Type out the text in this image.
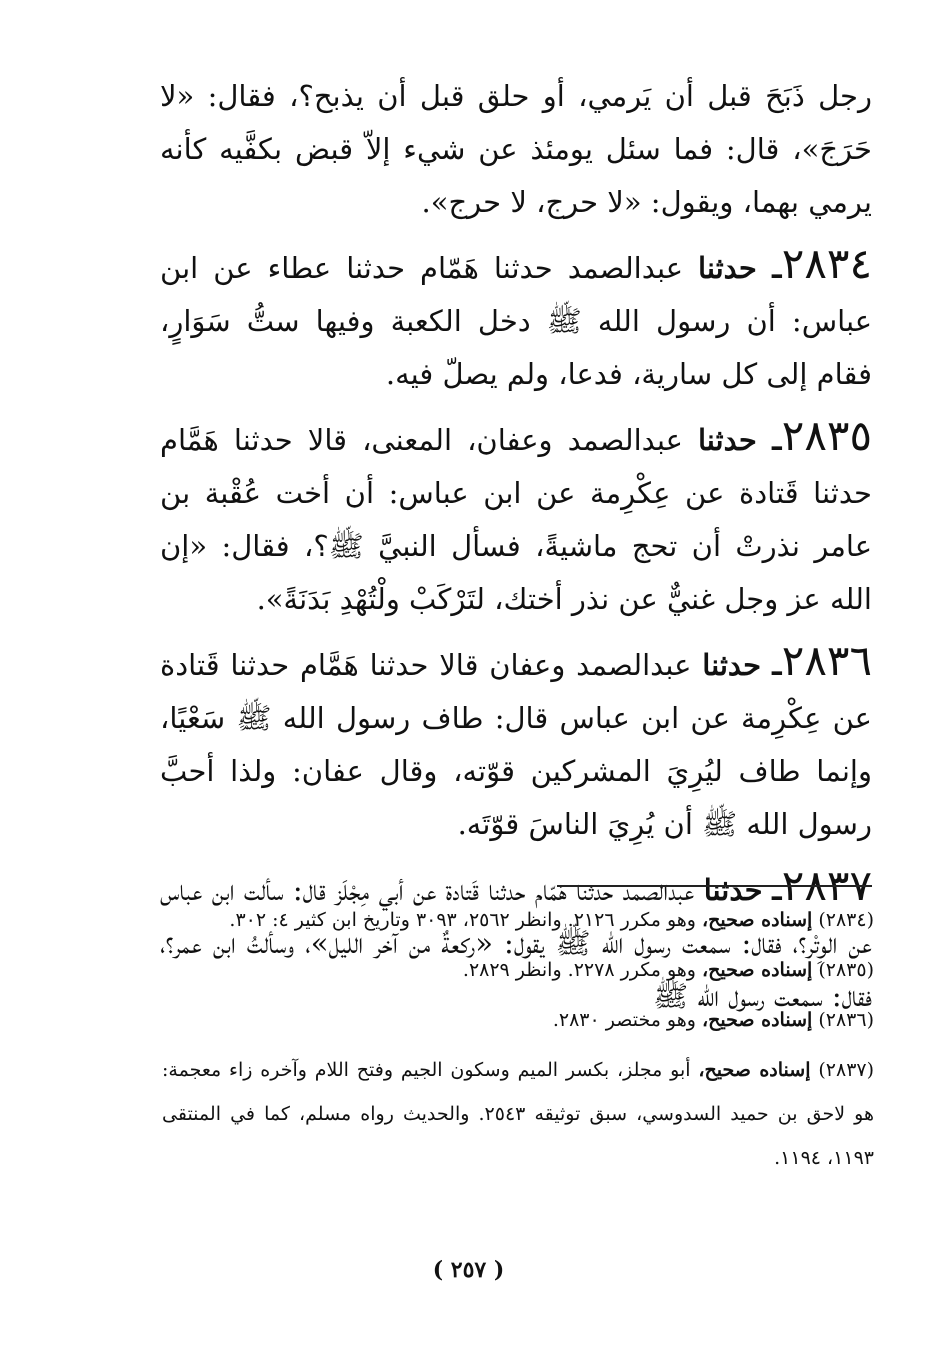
رجل ذَبَحَ قبل أن يَرمي، أو حلق قبل أن يذبح؟، فقال: «لا حَرَجَ»، قال: فما سئل يومئذ عن شيء إلاّ قبض بكفَّيه كأنه يرمي بهما، ويقول: «لا حرج، لا حرج».

٢٨٣٤ـ حدثنا عبدالصمد حدثنا هَمّام حدثنا عطاء عن ابن عباس: أن رسول الله ﷺ دخل الكعبة وفيها ستُّ سَوَارٍ، فقام إلى كل سارية، فدعا، ولم يصلّ فيه.

٢٨٣٥ـ حدثنا عبدالصمد وعفان، المعنى، قالا حدثنا هَمَّام حدثنا قَتادة عن عِكْرِمة عن ابن عباس: أن أخت عُقْبة بن عامر نذرتْ أن تحج ماشيةً، فسأل النبيَّ ﷺ؟، فقال: «إن الله عز وجل غنيٌّ عن نذر أختك، لتَرْكَبْ ولْتُهْدِ بَدَنَةً».

٢٨٣٦ـ حدثنا عبدالصمد وعفان قالا حدثنا هَمَّام حدثنا قَتادة عن عِكْرِمة عن ابن عباس قال: طاف رسول الله ﷺ سَعْيًا، وإنما طاف ليُرِيَ المشركين قوّته، وقال عفان: ولذا أحبَّ رسول الله ﷺ أن يُرِيَ الناسَ قوّتَه.

٢٨٣٧ـ حدثنا عبدالصمد حدثنا هَمّام حدثنا قَتادة عن أبي مِجْلَز قال: سألت ابن عباس عن الوِتْر؟، فقال: سمعت رسول الله ﷺ يقول: «ركعةٌ من آخر الليل»، وسألتُ ابن عمر؟، فقال: سمعت رسول الله ﷺ

(٢٨٣٤) إسناده صحيح، وهو مكرر ٢١٢٦. وانظر ٢٥٦٢، ٣٠٩٣ وتاريخ ابن كثير ٤: ٣٠٢.

(٢٨٣٥) إسناده صحيح، وهو مكرر ٢٢٧٨. وانظر ٢٨٢٩.

(٢٨٣٦) إسناده صحيح، وهو مختصر ٢٨٣٠.

(٢٨٣٧) إسناده صحيح، أبو مجلز، بكسر الميم وسكون الجيم وفتح اللام وآخره زاء معجمة: هو لاحق بن حميد السدوسي، سبق توثيقه ٢٥٤٣. والحديث رواه مسلم، كما في المنتقى ١١٩٣، ١١٩٤.

( ٢٥٧ )
